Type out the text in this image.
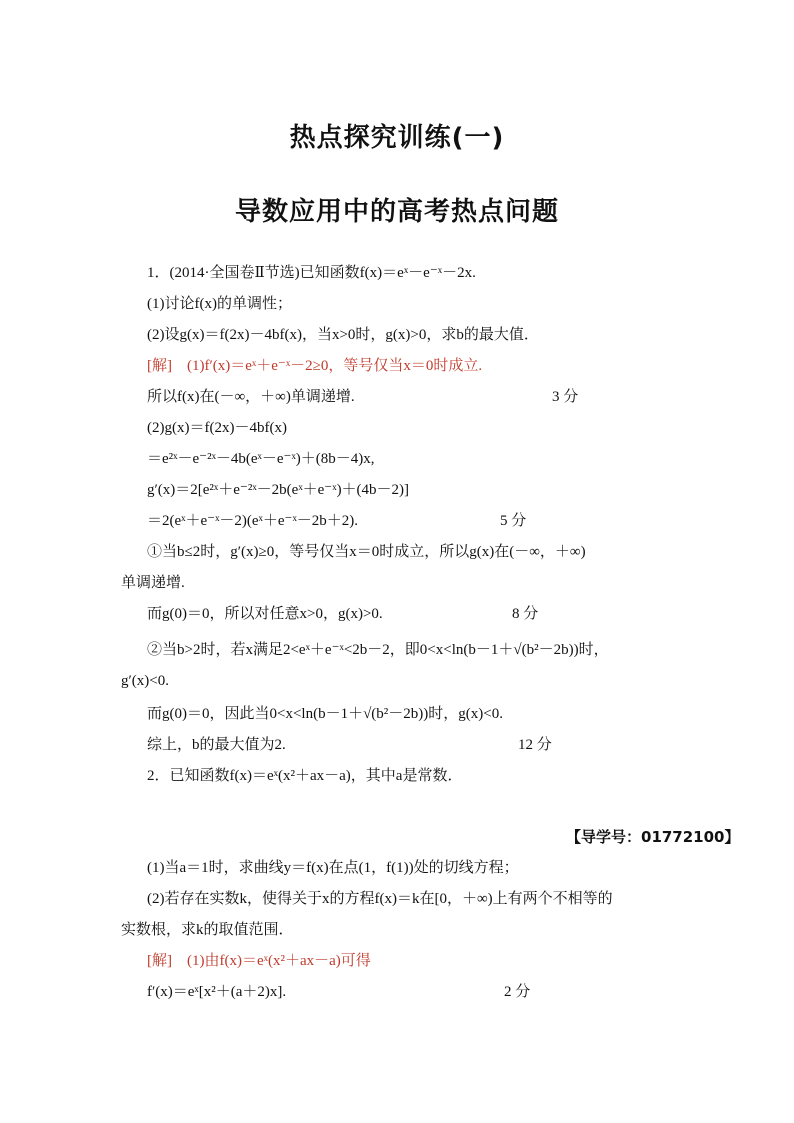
热点探究训练(一)
导数应用中的高考热点问题
1．(2014·全国卷Ⅱ节选)已知函数f(x)＝eˣ－e⁻ˣ－2x.
(1)讨论f(x)的单调性；
(2)设g(x)＝f(2x)－4bf(x)，当x>0时，g(x)>0，求b的最大值．
[解]　(1)f′(x)＝eˣ＋e⁻ˣ－2≥0，等号仅当x＝0时成立.
所以f(x)在(－∞，＋∞)单调递增.	3 分
(2)g(x)＝f(2x)－4bf(x)
＝e²ˣ－e⁻²ˣ－4b(eˣ－e⁻ˣ)＋(8b－4)x,
g′(x)＝2[e²ˣ＋e⁻²ˣ－2b(eˣ＋e⁻ˣ)＋(4b－2)]
＝2(eˣ＋e⁻ˣ－2)(eˣ＋e⁻ˣ－2b＋2).	5 分
①当b≤2时，g′(x)≥0，等号仅当x＝0时成立，所以g(x)在(－∞，＋∞)
单调递增.
而g(0)＝0，所以对任意x>0，g(x)>0.	8 分
②当b>2时，若x满足2<eˣ＋e⁻ˣ<2b－2，即0<x<ln(b－1＋√(b²－2b))时，
g′(x)<0.
而g(0)＝0，因此当0<x<ln(b－1＋√(b²－2b))时，g(x)<0.
综上，b的最大值为2.	12 分
2．已知函数f(x)＝eˣ(x²＋ax－a)，其中a是常数．
【导学号：01772100】
(1)当a＝1时，求曲线y＝f(x)在点(1，f(1))处的切线方程；
(2)若存在实数k，使得关于x的方程f(x)＝k在[0，＋∞)上有两个不相等的
实数根，求k的取值范围．
[解]　(1)由f(x)＝eˣ(x²＋ax－a)可得
f′(x)＝eˣ[x²＋(a＋2)x].	2 分
